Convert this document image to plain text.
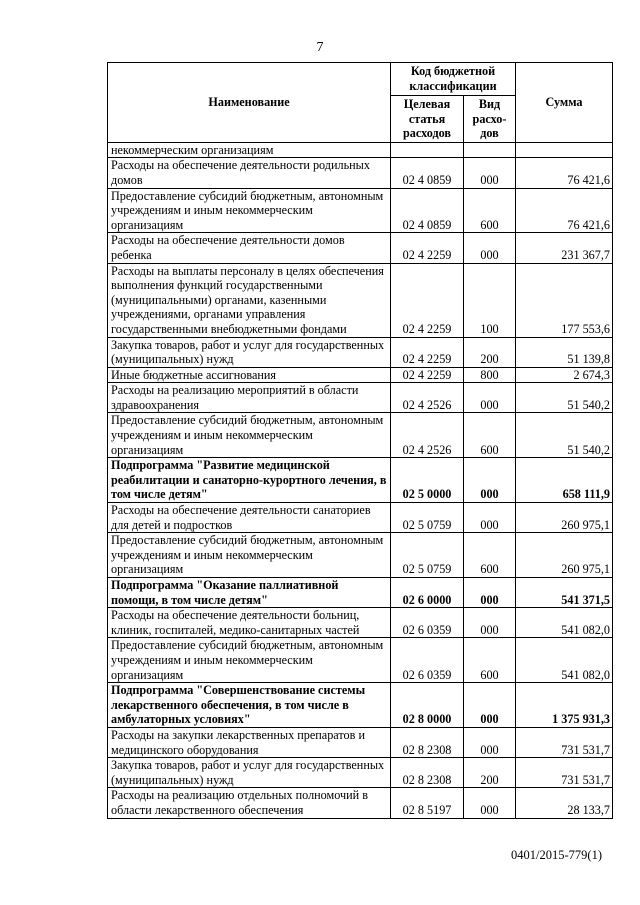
7
Наименование	Код бюджетной классификации		Сумма
	Целевая статья расходов	Вид расхо-дов	
некоммерческим организациям			
Расходы на обеспечение деятельности родильных домов	02 4 0859	000	76 421,6
Предоставление субсидий бюджетным, автономным учреждениям и иным некоммерческим организациям	02 4 0859	600	76 421,6
Расходы на обеспечение деятельности домов ребенка	02 4 2259	000	231 367,7
Расходы на выплаты персоналу в целях обеспечения выполнения функций государственными (муниципальными) органами, казенными учреждениями, органами управления государственными внебюджетными фондами	02 4 2259	100	177 553,6
Закупка товаров, работ и услуг для государственных (муниципальных) нужд	02 4 2259	200	51 139,8
Иные бюджетные ассигнования	02 4 2259	800	2 674,3
Расходы на реализацию мероприятий в области здравоохранения	02 4 2526	000	51 540,2
Предоставление субсидий бюджетным, автономным учреждениям и иным некоммерческим организациям	02 4 2526	600	51 540,2
Подпрограмма "Развитие медицинской реабилитации и санаторно-курортного лечения, в том числе детям"	02 5 0000	000	658 111,9
Расходы на обеспечение деятельности санаториев для детей и подростков	02 5 0759	000	260 975,1
Предоставление субсидий бюджетным, автономным учреждениям и иным некоммерческим организациям	02 5 0759	600	260 975,1
Подпрограмма "Оказание паллиативной помощи, в том числе детям"	02 6 0000	000	541 371,5
Расходы на обеспечение деятельности больниц, клиник, госпиталей, медико-санитарных частей	02 6 0359	000	541 082,0
Предоставление субсидий бюджетным, автономным учреждениям и иным некоммерческим организациям	02 6 0359	600	541 082,0
Подпрограмма "Совершенствование системы лекарственного обеспечения, в том числе в амбулаторных условиях"	02 8 0000	000	1 375 931,3
Расходы на закупки лекарственных препаратов и медицинского оборудования	02 8 2308	000	731 531,7
Закупка товаров, работ и услуг для государственных (муниципальных) нужд	02 8 2308	200	731 531,7
Расходы на реализацию отдельных полномочий в области лекарственного обеспечения	02 8 5197	000	28 133,7
0401/2015-779(1)
